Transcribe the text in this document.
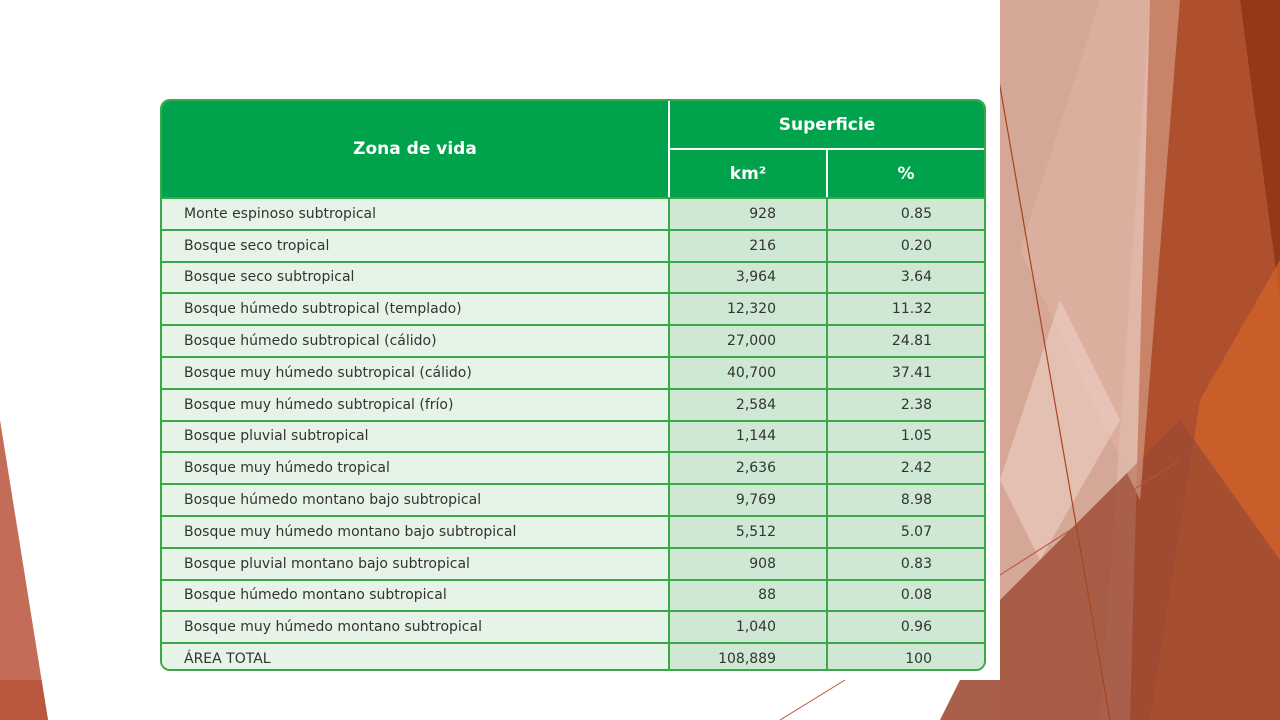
Zona de vida
Superficie
km²	%
Monte espinoso subtropical	928	0.85
Bosque seco tropical	216	0.20
Bosque seco subtropical	3,964	3.64
Bosque húmedo subtropical (templado)	12,320	11.32
Bosque húmedo subtropical (cálido)	27,000	24.81
Bosque muy húmedo subtropical (cálido)	40,700	37.41
Bosque muy húmedo subtropical (frío)	2,584	2.38
Bosque pluvial subtropical	1,144	1.05
Bosque muy húmedo tropical	2,636	2.42
Bosque húmedo montano bajo subtropical	9,769	8.98
Bosque muy húmedo montano bajo subtropical	5,512	5.07
Bosque pluvial montano bajo subtropical	908	0.83
Bosque húmedo montano subtropical	88	0.08
Bosque muy húmedo montano subtropical	1,040	0.96
ÁREA TOTAL	108,889	100
